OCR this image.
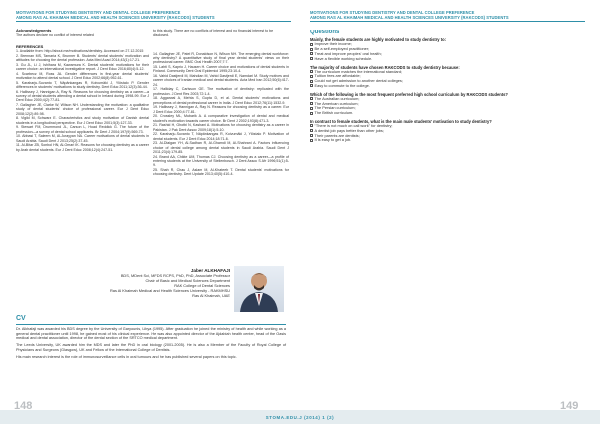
MOTIVATIONS FOR STUDYING DENTISTRY AND DENTAL COLLEGE PREFERENCE
AMONG RAS AL KHAIMAH MEDICAL AND HEALTH SCIENCES UNIVERSITY (RAKCODS) STUDENTS
Acknowledgments
The authors declare no conflict of interest related
REFERENCES
1. Available from: http://about.me/motivations/dentistry. Accessed on 27.12.2015
2. Brennan MS, Tamaria K, Brunner B. Students' dental students' motivation and attitudes for choosing the dental profession. Acta Med Acad 2014;43(1):17-21.
3. Gu JL, Li J, Ishihara M, Kawamura K. Dental students' motivations for their career choice: an international investigative report. J Dent Educ 2016;80(4):5-12.
4. Scarbecz M, Ross JA. Gender differences in first-year dental students' motivation to attend dental school. J Dent Educ 2002;66(8):952-61.
5. Karaharju-Suvanto T, Näpänkangas R, Koivumäki J, Ylöstalo P. Gender differences in students' motivations to study dentistry. Dent Educ 2011;12(3):36-44.
6. Hallissey J, Hannigan A, Ray N. Reasons for choosing dentistry as a career—a survey of dental students attending a dental school in Ireland during 1998-99. Eur J Dent Educ 2000;4(2):77-81.
7. Gallagher JE, Clarke W, Wilson NH. Understanding the motivation: a qualitative study of dental students' choice of professional career. Eur J Dent Educ 2008;12(2):89-98.
8. Vigild M, Schwarz E. Characteristics and study motivation of Danish dental students in a longitudinal perspective. Eur J Dent Educ 2001;5(3):127-33.
9. Stewart FM, Drummond JL, Carson L, Hoad Reddick G. The future of the profession—a survey of dental school applicants. Br Dent J 2004;197(9):569-73.
10. Abbasi T, Saleem M, Al-Jurayyan NA. Career motivations of dental students in Saudi Arabia. Saudi Dent J 2013;25(2):37-45.
11. Al-Bitar ZB, Sonbol HN, Al-Omari IK. Reasons for choosing dentistry as a career by Arab dental students. Eur J Dent Educ 2008;12(4):247-51.
to this study. There are no conflicts of interest and no financial interest to be disclosed.
14. Gallagher JE, Patel R, Donaldson N, Wilson NH. The emerging dental workforce: why dentistry? A quantitative study of final year dental students' views on their professional career. BMC Oral Health 2007;7:7.
15. Lahti S, Kaprio J, Hausen H. Career choice and motivations of dental students in Finland. Community Dent Oral Epidemiol 1995;23:10-4.
16. Vahid Dastjerdi M, Mahdian M, Vahid Dastjerdi E, Namdari M. Study motives and career choices of Iranian medical and dental students. Acta Med Iran 2012;50(6):417-24.
17. Halliday C, Carlsson GE. The motivation of dentistry: replicated with the profession. J Dent Res 2003;72:1-4.
18. Aggarwal A, Mehta S, Gupta D, et al. Dental students' motivations and perceptions of dental professional career in India. J Dent Educ 2012;76(11):1532-9.
19. Hallissey J, Hannigan A, Ray N. Reasons for choosing dentistry as a career. Eur J Dent Educ 2000;4:77-81.
20. Crossley ML, Mubarik A. A comparative investigation of dental and medical student's motivation towards career choice. Br Dent J 2002;193(8):471-3.
21. Rashid H, Ghotbi N, Kashani A. Motivations for choosing dentistry as a career in Pakistan. J Pak Dent Assoc 2009;18(1):5-10.
22. Karaharju-Suvanto T, Näpänkangas R, Koivumäki J, Ylöstalo P. Motivation of dental students. Eur J Dent Educ 2014;18:71-6.
23. Al-Dlaigan YH, Al-Sadhan R, Al-Ghamdi M, Al-Shahrani A. Factors influencing choice of dental college among dental students in Saudi Arabia. Saudi Dent J 2011;23(4):179-85.
24. Brand AA, Chikte UM, Thomas CJ. Choosing dentistry as a career—a profile of entering students at the University of Stellenbosch. J Dent Assoc S Afr 1996;51(1):5-9.
25. Shah R, Chau J, Aslam M, Al-Khateeb T. Dental students' motivations for choosing dentistry. Dent Update 2013;40(5):410-4.
Jaber ALKHAFAJI
BDS, MDent Sci, MFDS RCPS, PhD, PhD, Associate Professor
Chair of Basic and Medical Sciences Department
RAK College of Dental Sciences
Ras Al Khaimah Medical and Health Sciences University - RAKMHSU
Ras Al Khaimah, UAE
CV

Dr. Alkhafaji was awarded his BDS degree by the University of Garyounis, Libya (1995). After graduation he joined the ministry of health and while working as a general dental practitioner until 1998, he gained most of his clinical experience. He was also appointed director of the Ajdabiah health center, head of the Oasis medical and dental association, director of the dental section of the SRTCO medical department.

The Leeds University, UK awarded him the MDS and later the PhD in oral biology (2001-2005). He is also a Member of the Faculty of Royal College of Physicians and Surgeons (Glasgow), UK and Fellow of the International College of Dentists.

His main research interest is the role of immunosurveillance cells in oral tumours and he has published several papers on this topic.

148
MOTIVATIONS FOR STUDYING DENTISTRY AND DENTAL COLLEGE PREFERENCE
AMONG RAS AL KHAIMAH MEDICAL AND HEALTH SCIENCES UNIVERSITY (RAKCODS) STUDENTS
Questions
Mainly, the female students are highly motivated to study dentistry to:
Improve their income;
Be a self-employed practitioner;
Treat and improve peoples' oral health;
Have a flexible working schedule.
The majority of students have chosen RAKCODS to study dentistry because:
The curriculum matches the international standard;
Tuition fees are affordable;
Could not get admission to another dental colleges;
Easy to commute to the college.
Which of the following is the most frequent preferred high school curriculum by RAKCODS students?
The Australian curriculum;
The American curriculum;
The Persian curriculum;
The British curriculum.
In contrast to female students, what is the main male students' motivation to study dentistry?
"There is not much on call work" for dentistry;
A dentist job pays better than other jobs;
Their parents are dentists;
It is easy to get a job.
149
STOMA.EDU.J (2014) 1 (2)
